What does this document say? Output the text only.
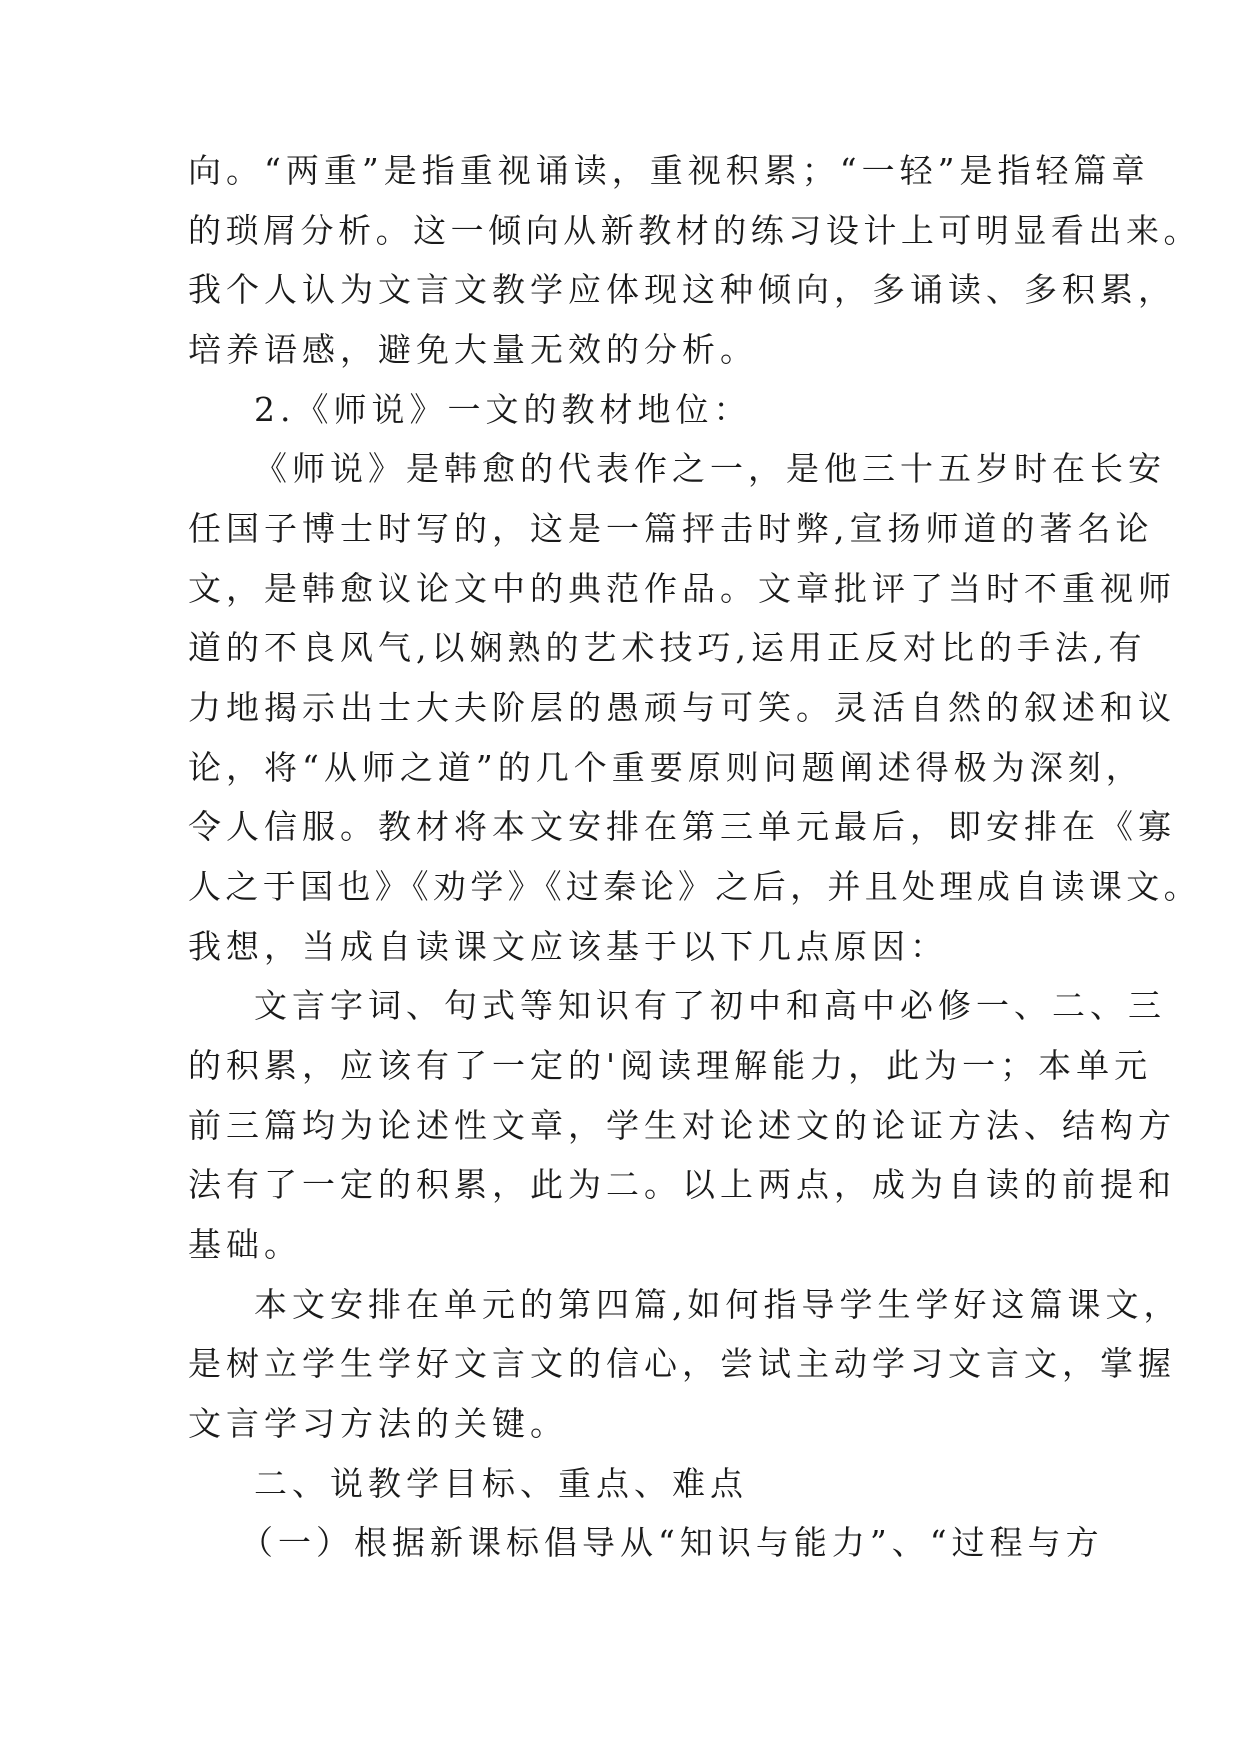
向。“两重”是指重视诵读，重视积累；“一轻”是指轻篇章

的琐屑分析。这一倾向从新教材的练习设计上可明显看出来。

我个人认为文言文教学应体现这种倾向，多诵读、多积累，

培养语感，避免大量无效的分析。

2.《师说》一文的教材地位：

《师说》是韩愈的代表作之一，是他三十五岁时在长安

任国子博士时写的，这是一篇抨击时弊,宣扬师道的著名论

文，是韩愈议论文中的典范作品。文章批评了当时不重视师

道的不良风气,以娴熟的艺术技巧,运用正反对比的手法,有

力地揭示出士大夫阶层的愚顽与可笑。灵活自然的叙述和议

论，将“从师之道”的几个重要原则问题阐述得极为深刻，

令人信服。教材将本文安排在第三单元最后，即安排在《寡

人之于国也》《劝学》《过秦论》之后，并且处理成自读课文。

我想，当成自读课文应该基于以下几点原因：

文言字词、句式等知识有了初中和高中必修一、二、三

的积累，应该有了一定的'阅读理解能力，此为一；本单元

前三篇均为论述性文章，学生对论述文的论证方法、结构方

法有了一定的积累，此为二。以上两点，成为自读的前提和

基础。

本文安排在单元的第四篇,如何指导学生学好这篇课文，

是树立学生学好文言文的信心，尝试主动学习文言文，掌握

文言学习方法的关键。

二、说教学目标、重点、难点

（一）根据新课标倡导从“知识与能力”、“过程与方
